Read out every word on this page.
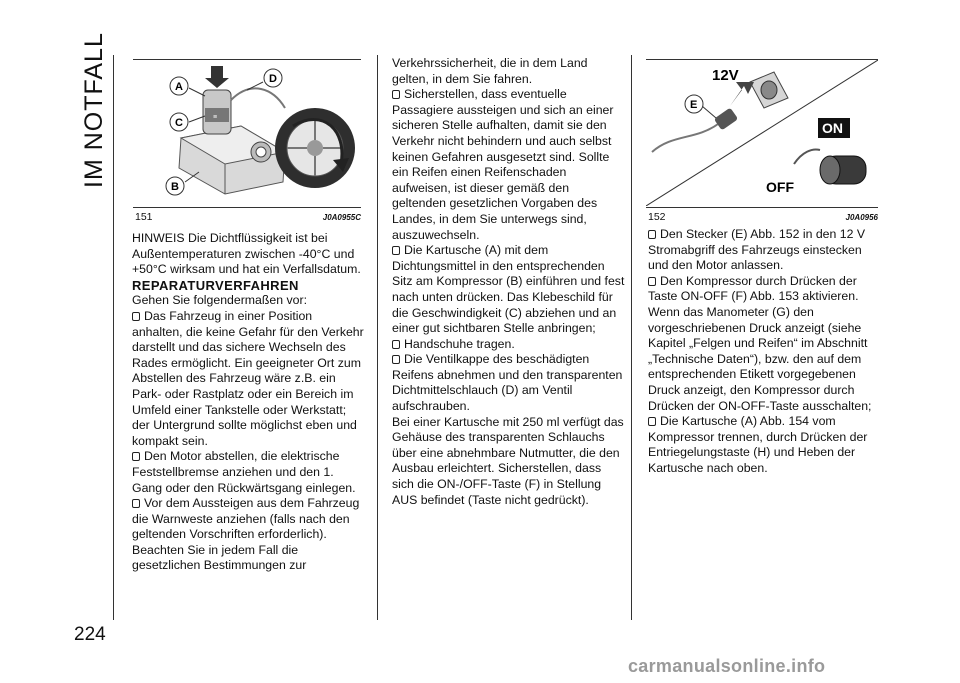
IM NOTFALL
224
≡
A
C
B
D
151	J0A0955C
12V
E
ON
OFF
152	J0A0956

HINWEIS Die Dichtflüssigkeit ist bei Außentemperaturen zwischen -40°C und +50°C wirksam und hat ein Verfallsdatum.

REPARATURVERFAHREN

Gehen Sie folgendermaßen vor:

Das Fahrzeug in einer Position anhalten, die keine Gefahr für den Verkehr darstellt und das sichere Wechseln des Rades ermöglicht. Ein geeigneter Ort zum Abstellen des Fahrzeug wäre z.B. ein Park- oder Rastplatz oder ein Bereich im Umfeld einer Tankstelle oder Werkstatt; der Untergrund sollte möglichst eben und kompakt sein.

Den Motor abstellen, die elektrische Feststellbremse anziehen und den 1. Gang oder den Rückwärtsgang einlegen.

Vor dem Aussteigen aus dem Fahrzeug die Warnweste anziehen (falls nach den geltenden Vorschriften erforderlich). Beachten Sie in jedem Fall die gesetzlichen Bestimmungen zur

Verkehrssicherheit, die in dem Land gelten, in dem Sie fahren.

Sicherstellen, dass eventuelle Passagiere aussteigen und sich an einer sicheren Stelle aufhalten, damit sie den Verkehr nicht behindern und auch selbst keinen Gefahren ausgesetzt sind. Sollte ein Reifen einen Reifenschaden aufweisen, ist dieser gemäß den geltenden gesetzlichen Vorgaben des Landes, in dem Sie unterwegs sind, auszuwechseln.

Die Kartusche (A) mit dem Dichtungsmittel in den entsprechenden Sitz am Kompressor (B) einführen und fest nach unten drücken. Das Klebeschild für die Geschwindigkeit (C) abziehen und an einer gut sichtbaren Stelle anbringen;

Handschuhe tragen.

Die Ventilkappe des beschädigten Reifens abnehmen und den transparenten Dichtmittelschlauch (D) am Ventil aufschrauben.

Bei einer Kartusche mit 250 ml verfügt das Gehäuse des transparenten Schlauchs über eine abnehmbare Nutmutter, die den Ausbau erleichtert. Sicherstellen, dass sich die ON-/OFF-Taste (F) in Stellung AUS befindet (Taste nicht gedrückt).

Den Stecker (E) Abb. 152 in den 12 V Stromabgriff des Fahrzeugs einstecken und den Motor anlassen.

Den Kompressor durch Drücken der Taste ON-OFF (F) Abb. 153 aktivieren. Wenn das Manometer (G) den vorgeschriebenen Druck anzeigt (siehe Kapitel „Felgen und Reifen“ im Abschnitt „Technische Daten“), bzw. den auf dem entsprechenden Etikett vorgegebenen Druck anzeigt, den Kompressor durch Drücken der ON-OFF-Taste ausschalten;

Die Kartusche (A) Abb. 154 vom Kompressor trennen, durch Drücken der Entriegelungstaste (H) und Heben der Kartusche nach oben.

carmanualsonline.info
